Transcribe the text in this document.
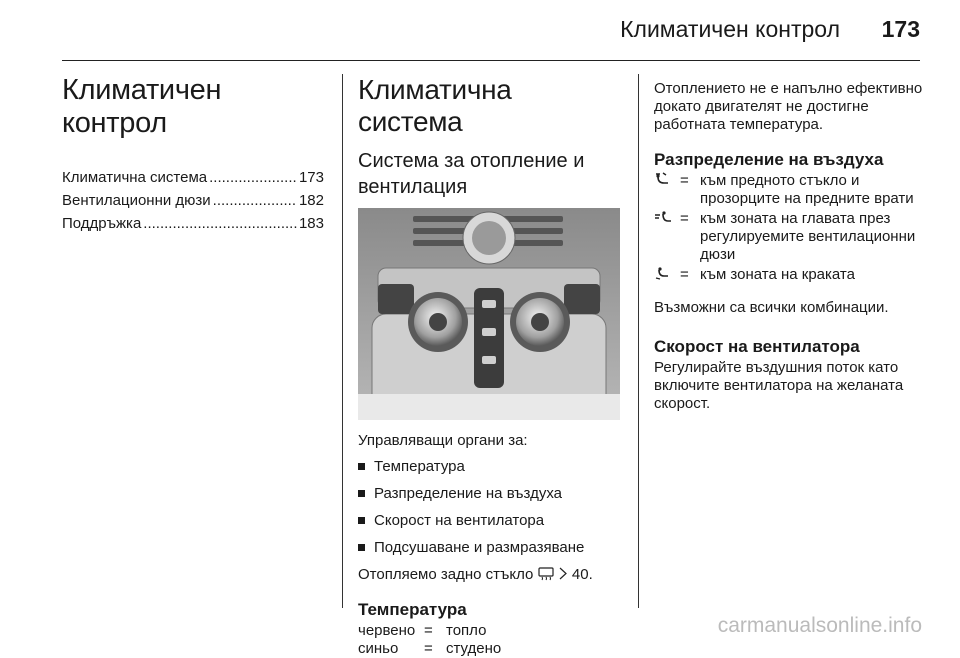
Климатичен контрол 173
Климатичен контрол
Климатична система .....	173
Вентилационни дюзи .....	182
Поддръжка .....	183
Климатична система
Система за отопление и вентилация

Управляващи органи за:

Температура
Разпределение на въздуха
Скорост на вентилатора
Подсушаване и размразяване

Отопляемо задно стъкло	40.

Температура
червено = топло
синьо	= студено

Отоплението не е напълно ефективно докато двигателят не достигне работната температура.

Разпределение на въздуха
= към предното стъкло и прозорците на предните врати
= към зоната на главата през регулируемите вентилационни дюзи
= към зоната на краката

Възможни са всички комбинации.

Скорост на вентилатора

Регулирайте въздушния поток като включите вентилатора на желаната скорост.

carmanualsonline.info
